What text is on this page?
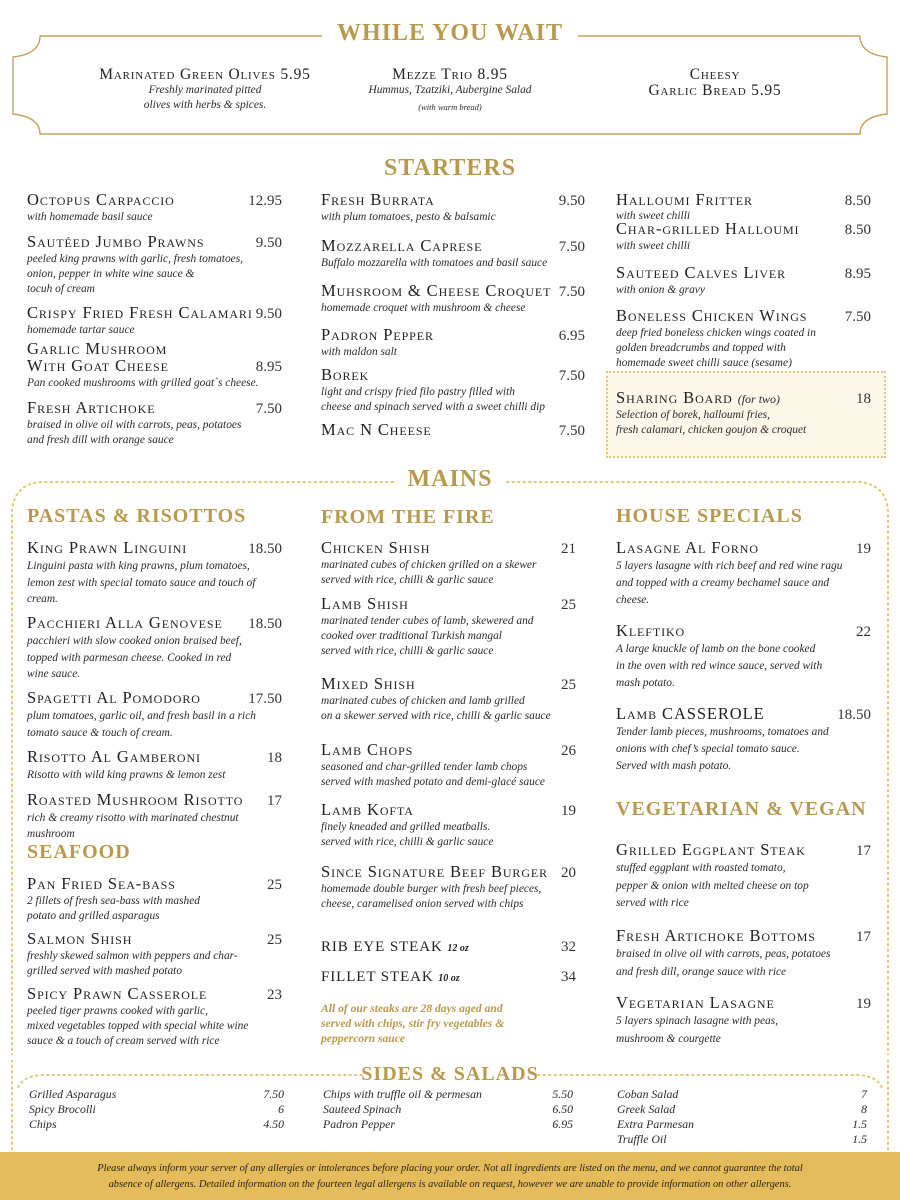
WHILE YOU WAIT
Marinated Green Olives 5.95
Freshly marinated pitted
olives with herbs & spices.
Mezze Trio 8.95
Hummus, Tzatziki, Aubergine Salad
(with warm bread)
Cheesy
Garlic Bread 5.95
STARTERS
Octopus Carpaccio	12.95
with homemade basil sauce
Sautéed Jumbo Prawns	9.50
peeled king prawns with garlic, fresh tomatoes,
onion, pepper in white wine sauce &
tocuh of cream
Crispy Fried Fresh Calamari 9.50
homemade tartar sauce
Garlic Mushroom
With Goat Cheese	8.95
Pan cooked mushrooms with grilled goat`s cheese.
Fresh Artichoke	7.50
braised in olive oil with carrots, peas, potatoes
and fresh dill with orange sauce
Fresh Burrata	9.50
with plum tomatoes, pesto & balsamic
Mozzarella Caprese	7.50
Buffalo mozzarella with tomatoes and basil sauce
Muhsroom & Cheese Croquet 7.50
homemade croquet with mushroom & cheese
Padron Pepper	6.95
with maldon salt
Borek	7.50
light and crispy fried filo pastry filled with
cheese and spinach served with a sweet chilli dip
Mac N Cheese	7.50
Halloumi Fritter	8.50
with sweet chilli
Char-grilled Halloumi	8.50
with sweet chilli
Sauteed Calves Liver	8.95
with onion & gravy
Boneless Chicken Wings 7.50
deep fried boneless chicken wings coated in
golden breadcrumbs and topped with
homemade sweet chilli sauce (sesame)
Sharing Board (for two)	18
Selection of borek, halloumi fries,
fresh calamari, chicken goujon & croquet
MAINS
PASTAS & RISOTTOS	FROM THE FIRE	HOUSE SPECIALS
King Prawn Linguini	18.50
Linguini pasta with king prawns, plum tomatoes,
lemon zest with special tomato sauce and touch of
cream.
Pacchieri Alla Genovese 18.50
pacchieri with slow cooked onion braised beef,
topped with parmesan cheese. Cooked in red
wine sauce.
Spagetti Al Pomodoro	17.50
plum tomatoes, garlic oil, and fresh basil in a rich
tomato sauce & touch of cream.
Risotto Al Gamberoni	18
Risotto with wild king prawns & lemon zest
Roasted Mushroom Risotto 17
rich & creamy risotto with marinated chestnut
mushroom
SEAFOOD
Pan Fried Sea-bass	25
2 fillets of fresh sea-bass with mashed
potato and grilled asparagus
Salmon Shish	25
freshly skewed salmon with peppers and char-
grilled served with mashed potato
Spicy Prawn Casserole	23
peeled tiger prawns cooked with garlic,
mixed vegetables topped with special white wine
sauce & a touch of cream served with rice
Chicken Shish	21
marinated cubes of chicken grilled on a skewer
served with rice, chilli & garlic sauce
Lamb Shish	25
marinated tender cubes of lamb, skewered and
cooked over traditional Turkish mangal
served with rice, chilli & garlic sauce
Mixed Shish	25
marinated cubes of chicken and lamb grilled
on a skewer served with rice, chilli & garlic sauce
Lamb Chops	26
seasoned and char-grilled tender lamb chops
served with mashed potato and demi-glacé sauce
Lamb Kofta	19
finely kneaded and grilled meatballs.
served with rice, chilli & garlic sauce
Since Signature Beef Burger 20
homemade double burger with fresh beef pieces,
cheese, caramelised onion served with chips
RIB EYE STEAK 12 oz	32
FILLET STEAK 10 oz	34
All of our steaks are 28 days aged and
served with chips, stir fry vegetables &
peppercorn sauce
Lasagne Al Forno	19
5 layers lasagne with rich beef and red wine ragu
and topped with a creamy bechamel sauce and
cheese.
Kleftiko	22
A large knuckle of lamb on the bone cooked
in the oven with red wince sauce, served with
mash potato.
Lamb CASSEROLE	18.50
Tender lamb pieces, mushrooms, tomatoes and
onions with chef’s special tomato sauce.
Served with mash potato.
VEGETARIAN & VEGAN
Grilled Eggplant Steak	17
stuffed eggplant with roasted tomato,
pepper & onion with melted cheese on top
served with rice
Fresh Artichoke Bottoms	17
braised in olive oil with carrots, peas, potatoes
and fresh dill, orange sauce with rice
Vegetarian Lasagne	19
5 layers spinach lasagne with peas,
mushroom & courgette
SIDES & SALADS
Grilled Asparagus	7.50
Spicy Brocolli	6
Chips	4.50
Chips with truffle oil & permesan	5.50
Sauteed Spinach	6.50
Padron Pepper	6.95
Coban Salad	7
Greek Salad	8
Extra Parmesan	1.5
Truffle Oil	1.5

Please always inform your server of any allergies or intolerances before placing your order. Not all ingredients are listed on the menu, and we cannot guarantee the total

absence of allergens. Detailed information on the fourteen legal allergens is available on request, however we are unable to provide information on other allergens.
